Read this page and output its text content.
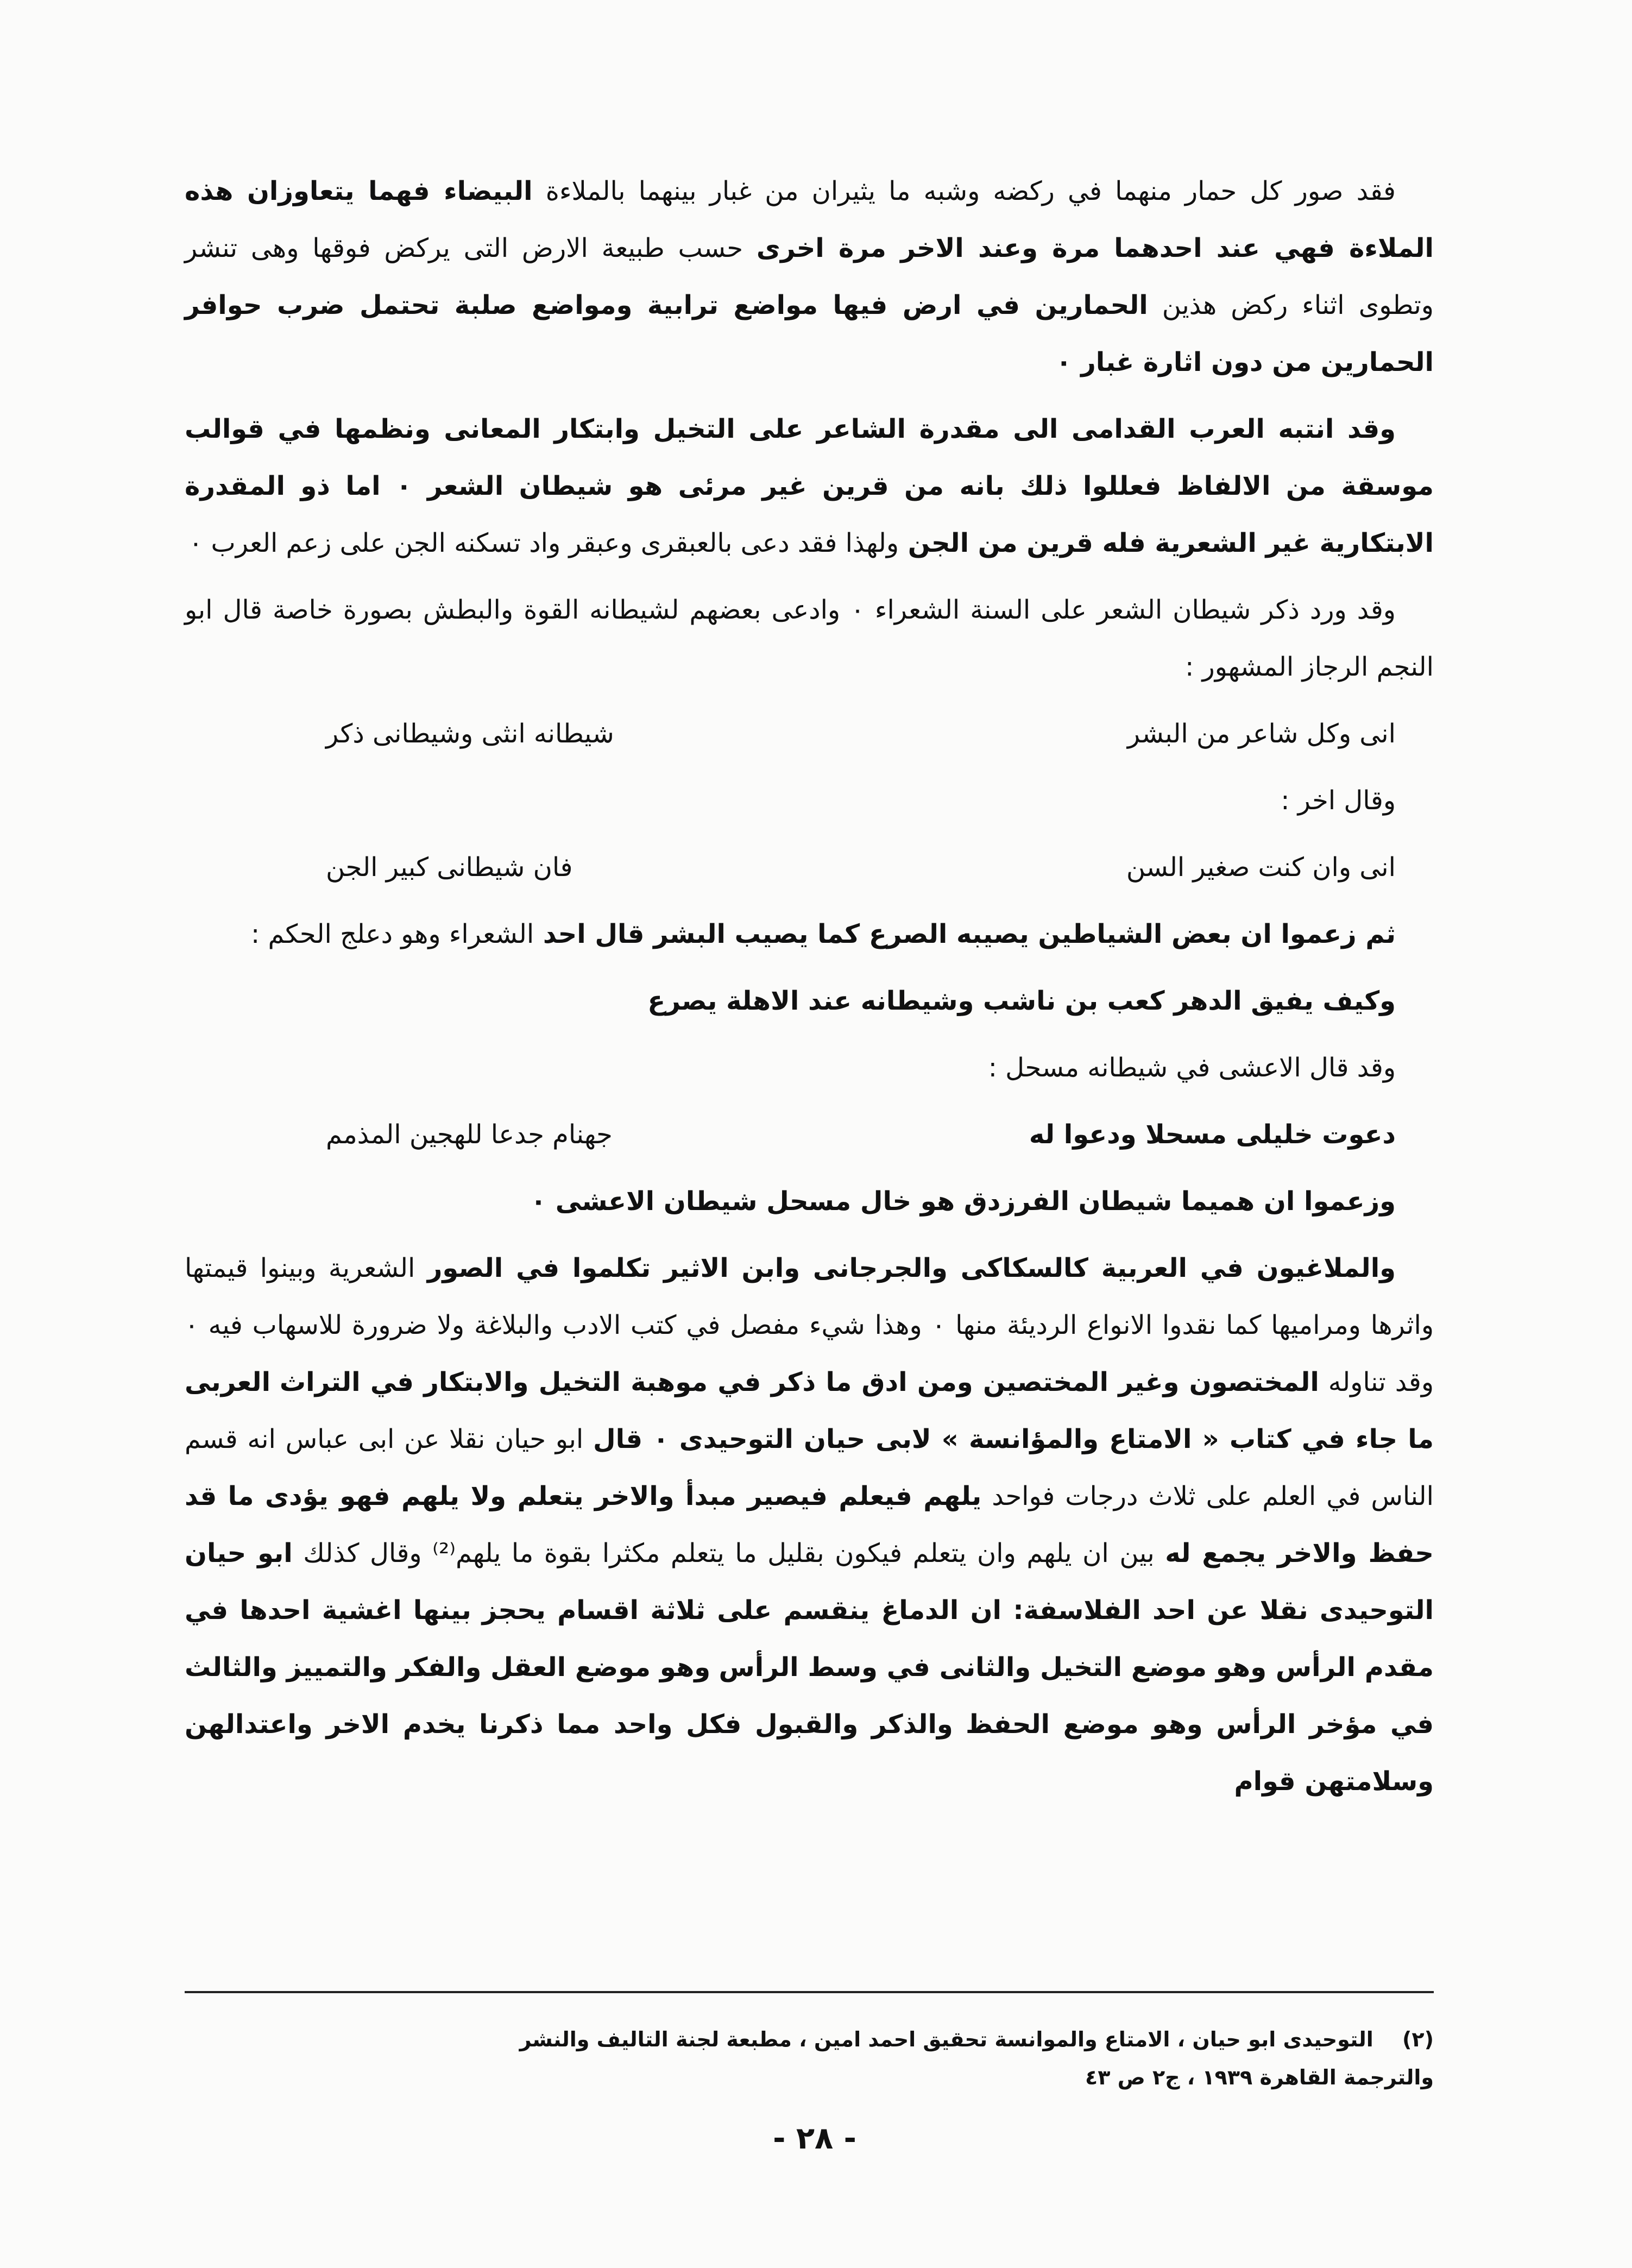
فقد صور كل حمار منهما في ركضه وشبه ما يثيران من غبار بينهما بالملاءة البيضاء فهما يتعاوزان هذه الملاءة فهي عند احدهما مرة وعند الاخر مرة اخرى حسب طبيعة الارض التى يركض فوقها وهى تنشر وتطوى اثناء ركض هذين الحمارين في ارض فيها مواضع ترابية ومواضع صلبة تحتمل ضرب حوافر الحمارين من دون اثارة غبار ٠

وقد انتبه العرب القدامى الى مقدرة الشاعر على التخيل وابتكار المعانى ونظمها في قوالب موسقة من الالفاظ فعللوا ذلك بانه من قرين غير مرئى هو شيطان الشعر ٠ اما ذو المقدرة الابتكارية غير الشعرية فله قرين من الجن ولهذا فقد دعى بالعبقرى وعبقر واد تسكنه الجن على زعم العرب ٠

وقد ورد ذكر شيطان الشعر على السنة الشعراء ٠ وادعى بعضهم لشيطانه القوة والبطش بصورة خاصة قال ابو النجم الرجاز المشهور :

انى وكل شاعر من البشر
شيطانه انثى وشيطانى ذكر

وقال اخر :

انى وان كنت صغير السن
فان شيطانى كبير الجن

ثم زعموا ان بعض الشياطين يصيبه الصرع كما يصيب البشر قال احد الشعراء وهو دعلج الحكم :

وكيف يفيق الدهر كعب بن ناشب وشيطانه عند الاهلة يصرع

وقد قال الاعشى في شيطانه مسحل :

دعوت خليلى مسحلا ودعوا له
جهنام جدعا للهجين المذمم

وزعموا ان هميما شيطان الفرزدق هو خال مسحل شيطان الاعشى ٠

والملاغيون في العربية كالسكاكى والجرجانى وابن الاثير تكلموا في الصور الشعرية وبينوا قيمتها واثرها ومراميها كما نقدوا الانواع الرديئة منها ٠ وهذا شيء مفصل في كتب الادب والبلاغة ولا ضرورة للاسهاب فيه ٠ وقد تناوله المختصون وغير المختصين ومن ادق ما ذكر في موهبة التخيل والابتكار في التراث العربى ما جاء في كتاب « الامتاع والمؤانسة » لابى حيان التوحيدى ٠ قال ابو حيان نقلا عن ابى عباس انه قسم الناس في العلم على ثلاث درجات فواحد يلهم فيعلم فيصير مبدأ والاخر يتعلم ولا يلهم فهو يؤدى ما قد حفظ والاخر يجمع له بين ان يلهم وان يتعلم فيكون بقليل ما يتعلم مكثرا بقوة ما يلهم⁽²⁾ وقال كذلك ابو حيان التوحيدى نقلا عن احد الفلاسفة: ان الدماغ ينقسم على ثلاثة اقسام يحجز بينها اغشية احدها في مقدم الرأس وهو موضع التخيل والثانى في وسط الرأس وهو موضع العقل والفكر والتمييز والثالث في مؤخر الرأس وهو موضع الحفظ والذكر والقبول فكل واحد مما ذكرنا يخدم الاخر واعتدالهن وسلامتهن قوام

(٢) التوحيدى ابو حيان ، الامتاع والموانسة تحقيق احمد امين ، مطبعة لجنة التاليف والنشر
والترجمة القاهرة ١٩٣٩ ، ج٢ ص ٤٣
- ٢٨ -
